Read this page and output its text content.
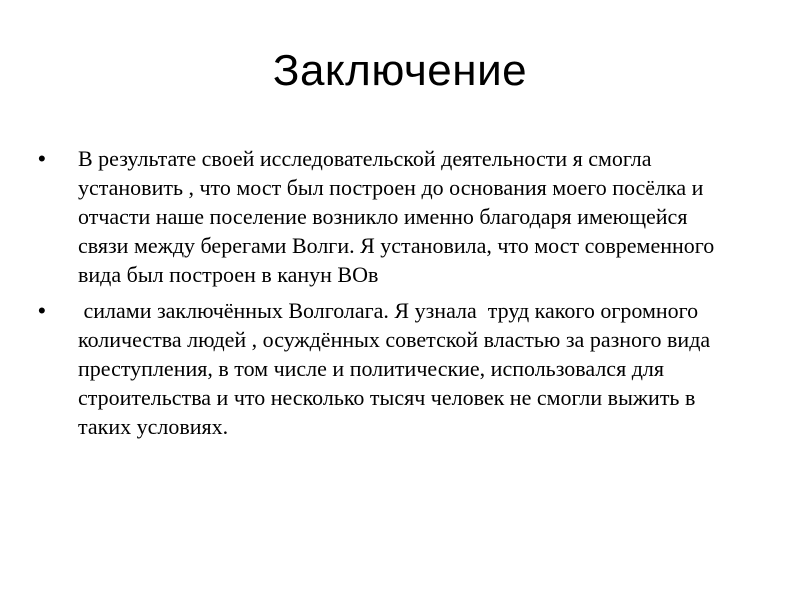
Заключение
•	В результате своей исследовательской деятельности я смогла установить , что мост был построен до основания моего посёлка и отчасти наше поселение возникло именно благодаря имеющейся связи между берегами Волги. Я установила, что мост современного вида был построен в канун ВОв
•	силами заключённых Волголага. Я узнала  труд какого огромного  количества людей , осуждённых советской властью за разного вида преступления, в том числе и политические, использовался для строительства и что несколько тысяч человек не смогли выжить в таких условиях.
